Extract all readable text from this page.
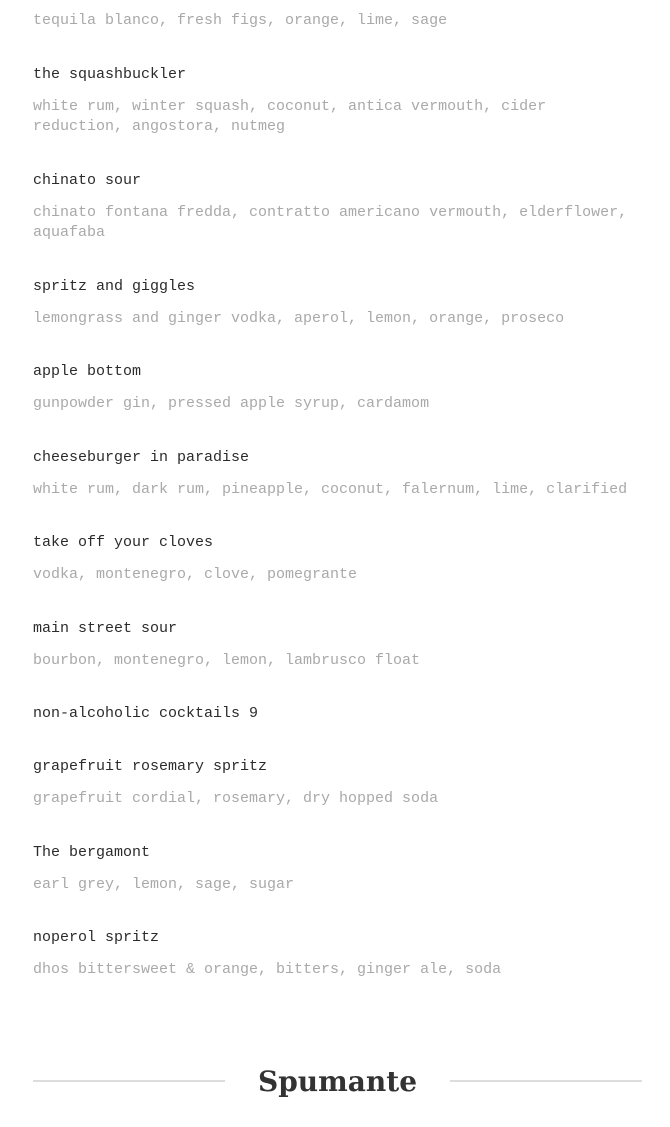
tequila blanco, fresh figs, orange, lime, sage

the squashbuckler

white rum, winter squash, coconut, antica vermouth, cider reduction, angostora, nutmeg

chinato sour

chinato fontana fredda, contratto americano vermouth, elderflower, aquafaba

spritz and giggles

lemongrass and ginger vodka, aperol, lemon, orange, proseco

apple bottom

gunpowder gin, pressed apple syrup, cardamom

cheeseburger in paradise

white rum, dark rum, pineapple, coconut, falernum, lime, clarified

take off your cloves

vodka, montenegro, clove, pomegrante

main street sour

bourbon, montenegro, lemon, lambrusco float

non-alcoholic cocktails 9

grapefruit rosemary spritz

grapefruit cordial, rosemary, dry hopped soda

The bergamont

earl grey, lemon, sage, sugar

noperol spritz

dhos bittersweet & orange, bitters, ginger ale, soda

Spumante
